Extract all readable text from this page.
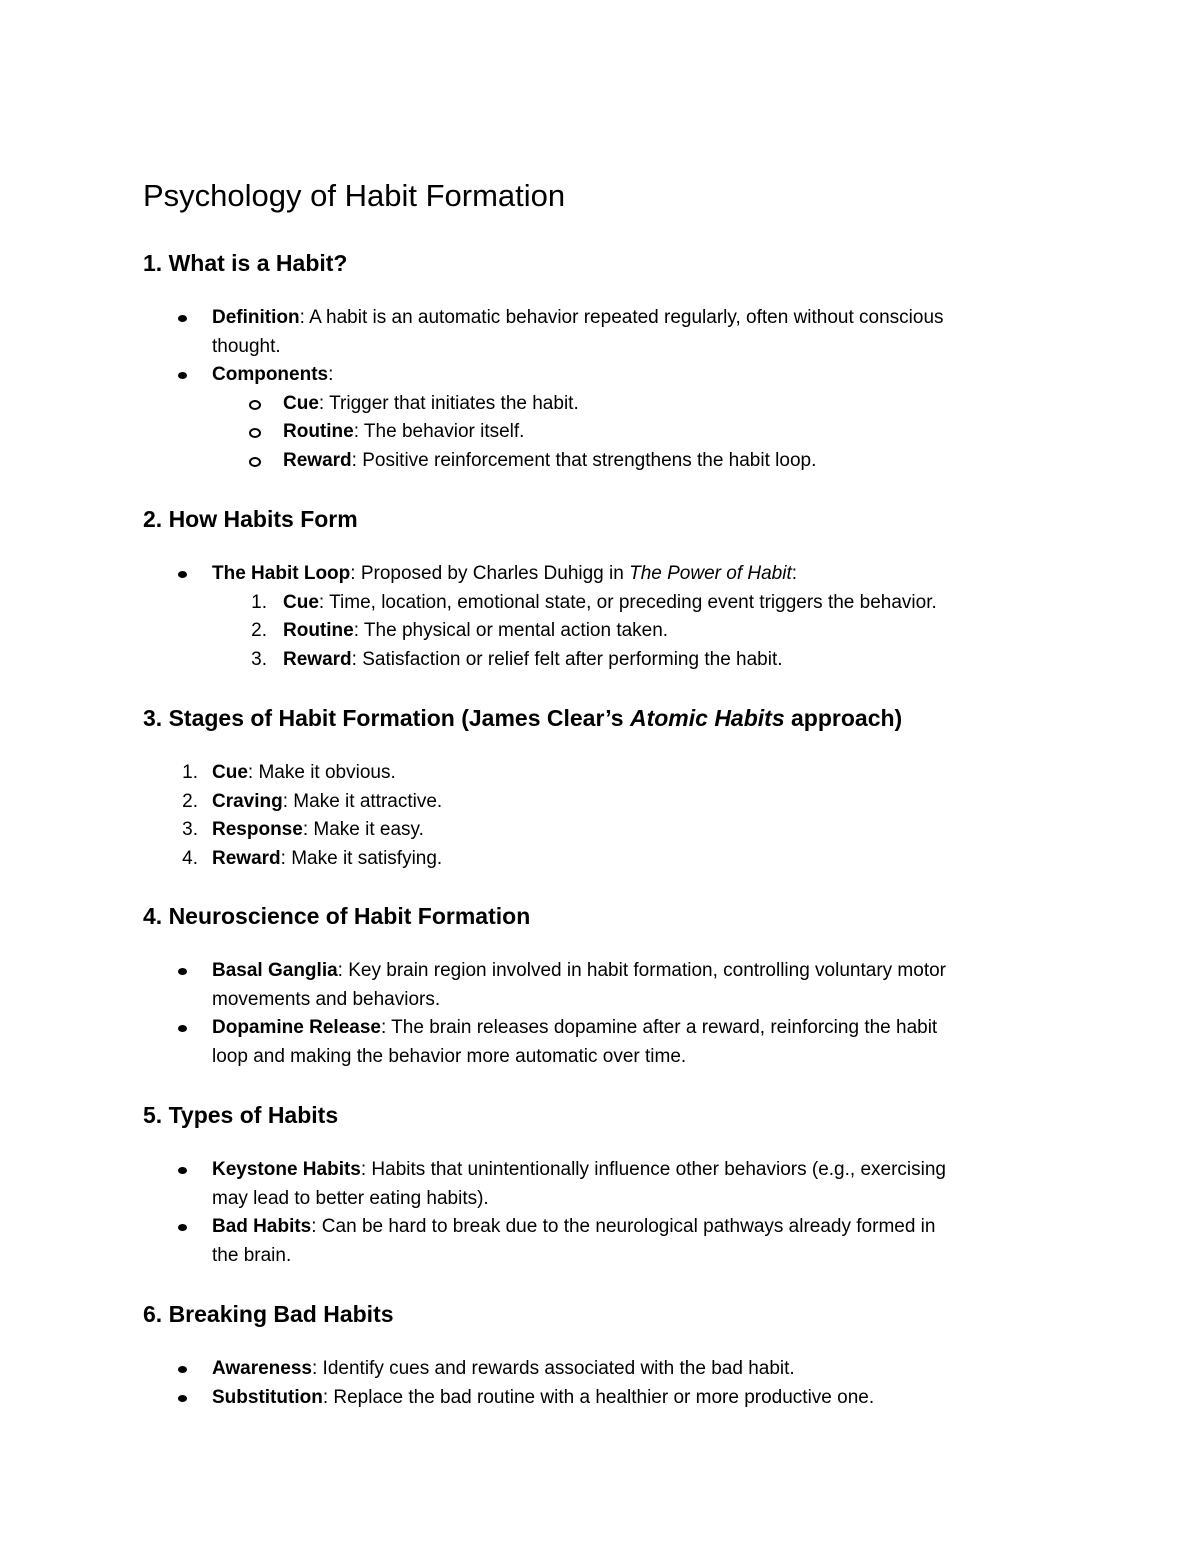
Psychology of Habit Formation
1. What is a Habit?
Definition: A habit is an automatic behavior repeated regularly, often without conscious
thought.
Components:
Cue: Trigger that initiates the habit.
Routine: The behavior itself.
Reward: Positive reinforcement that strengthens the habit loop.
2. How Habits Form
The Habit Loop: Proposed by Charles Duhigg in The Power of Habit:
1. Cue: Time, location, emotional state, or preceding event triggers the behavior.
2. Routine: The physical or mental action taken.
3. Reward: Satisfaction or relief felt after performing the habit.
3. Stages of Habit Formation (James Clear’s Atomic Habits approach)
1. Cue: Make it obvious.
2. Craving: Make it attractive.
3. Response: Make it easy.
4. Reward: Make it satisfying.
4. Neuroscience of Habit Formation
Basal Ganglia: Key brain region involved in habit formation, controlling voluntary motor
movements and behaviors.
Dopamine Release: The brain releases dopamine after a reward, reinforcing the habit
loop and making the behavior more automatic over time.
5. Types of Habits
Keystone Habits: Habits that unintentionally influence other behaviors (e.g., exercising
may lead to better eating habits).
Bad Habits: Can be hard to break due to the neurological pathways already formed in
the brain.
6. Breaking Bad Habits
Awareness: Identify cues and rewards associated with the bad habit.
Substitution: Replace the bad routine with a healthier or more productive one.
